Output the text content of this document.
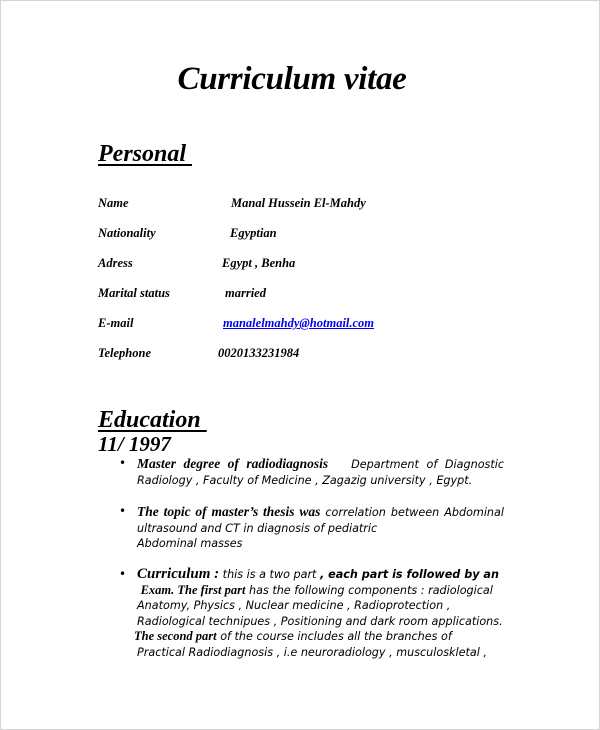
Curriculum vitae
Personal
Name	Manal Hussein El-Mahdy
Nationality	Egyptian
Adress	Egypt , Benha
Marital status	married
E-mail	manalelmahdy@hotmail.com
Telephone	0020133231984
Education
11/ 1997
• Master degree of radiodiagnosis Department of Diagnostic
Radiology , Faculty of Medicine , Zagazig university , Egypt.
• The topic of master’s thesis was correlation between Abdominal
ultrasound and CT in diagnosis of pediatric
Abdominal masses
• Curriculum : this is a two part , each part is followed by an
Exam. The first part has the following components : radiological
Anatomy, Physics , Nuclear medicine , Radioprotection ,
Radiological technipues , Positioning and dark room applications.
The second part of the course includes all the branches of
Practical Radiodiagnosis , i.e neuroradiology , musculoskletal ,
